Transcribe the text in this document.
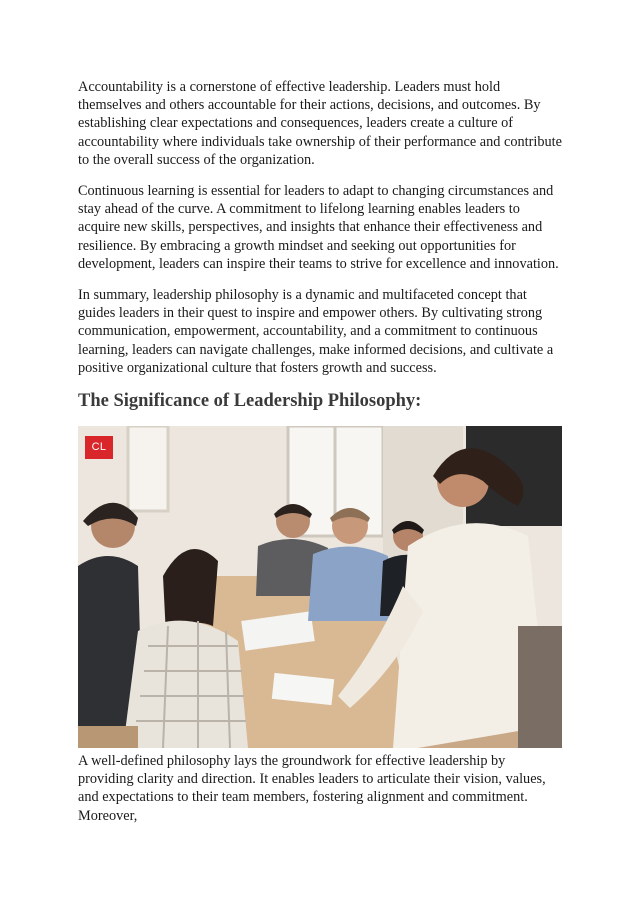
Accountability is a cornerstone of effective leadership. Leaders must hold themselves and others accountable for their actions, decisions, and outcomes. By establishing clear expectations and consequences, leaders create a culture of accountability where individuals take ownership of their performance and contribute to the overall success of the organization.

Continuous learning is essential for leaders to adapt to changing circumstances and stay ahead of the curve. A commitment to lifelong learning enables leaders to acquire new skills, perspectives, and insights that enhance their effectiveness and resilience. By embracing a growth mindset and seeking out opportunities for development, leaders can inspire their teams to strive for excellence and innovation.

In summary, leadership philosophy is a dynamic and multifaceted concept that guides leaders in their quest to inspire and empower others. By cultivating strong communication, empowerment, accountability, and a commitment to continuous learning, leaders can navigate challenges, make informed decisions, and cultivate a positive organizational culture that fosters growth and success.

The Significance of Leadership Philosophy:
CL

A well-defined philosophy lays the groundwork for effective leadership by providing clarity and direction. It enables leaders to articulate their vision, values, and expectations to their team members, fostering alignment and commitment. Moreover,
